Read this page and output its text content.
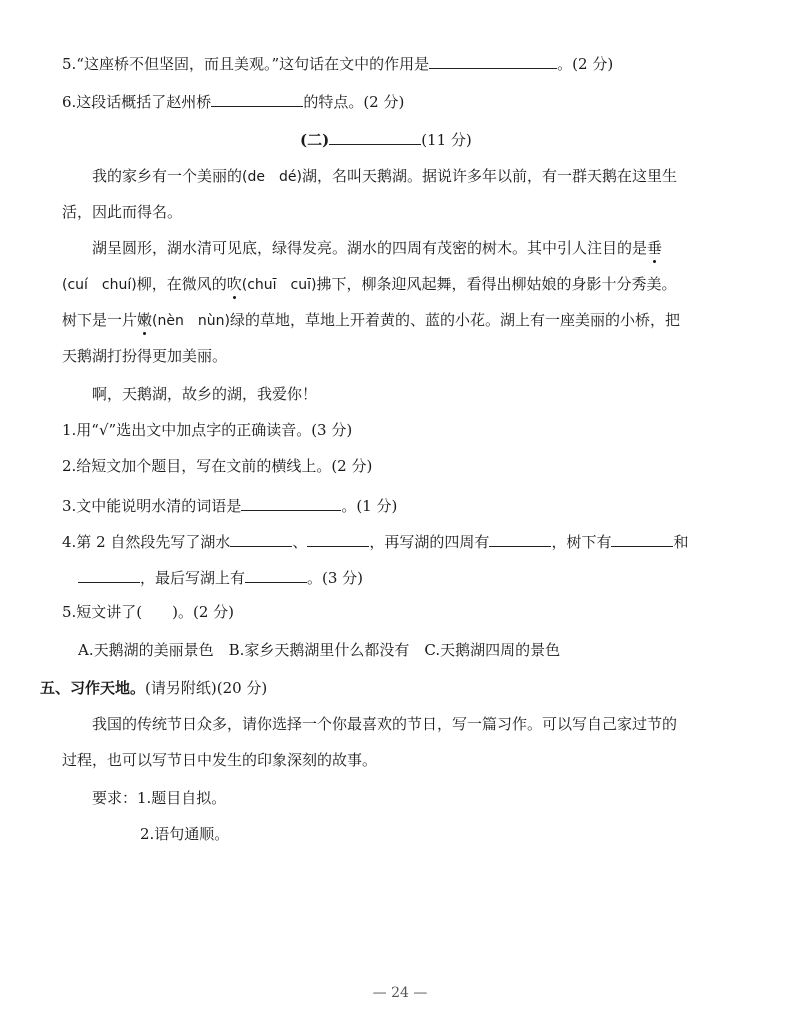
5.“这座桥不但坚固，而且美观。”这句话在文中的作用是	。(2 分)
6.这段话概括了赵州桥	的特点。(2 分)
(二)	(11 分)
我的家乡有一个美丽的(de　dé)湖，名叫天鹅湖。据说许多年以前，有一群天鹅在这里生
活，因此而得名。
湖呈圆形，湖水清可见底，绿得发亮。湖水的四周有茂密的树木。其中引人注目的是垂
(cuí　chuí)柳，在微风的吹(chuī　cuī)拂下，柳条迎风起舞，看得出柳姑娘的身影十分秀美。
树下是一片嫩(nèn　nùn)绿的草地，草地上开着黄的、蓝的小花。湖上有一座美丽的小桥，把
天鹅湖打扮得更加美丽。
啊，天鹅湖，故乡的湖，我爱你！
1.用“√”选出文中加点字的正确读音。(3 分)
2.给短文加个题目，写在文前的横线上。(2 分)
3.文中能说明水清的词语是	。(1 分)
4.第 2 自然段先写了湖水	、	，再写湖的四周有	，树下有	和
，最后写湖上有	。(3 分)
5.短文讲了(　　)。(2 分)
A.天鹅湖的美丽景色　B.家乡天鹅湖里什么都没有　C.天鹅湖四周的景色
五、习作天地。(请另附纸)(20 分)
我国的传统节日众多，请你选择一个你最喜欢的节日，写一篇习作。可以写自己家过节的
过程，也可以写节日中发生的印象深刻的故事。
要求：1.题目自拟。
2.语句通顺。
— 24 —
